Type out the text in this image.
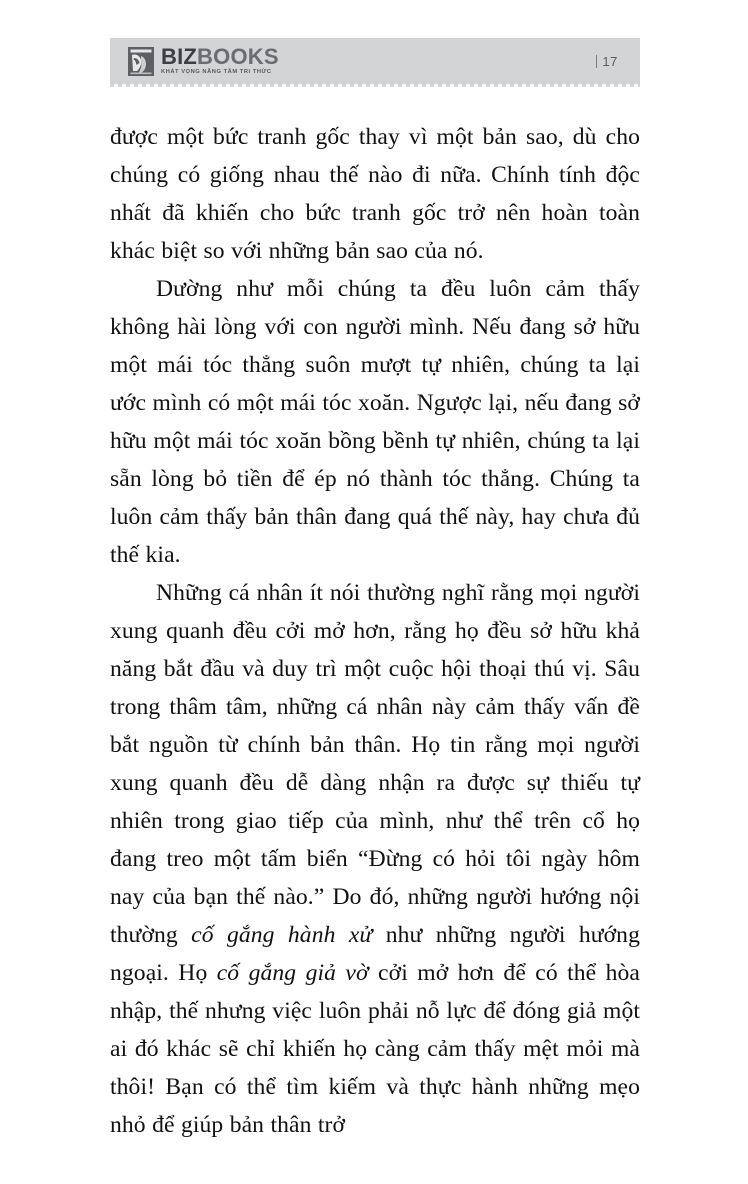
BIZBOOKS
KHÁT VỌNG NÂNG TẦM TRI THỨC
17

được một bức tranh gốc thay vì một bản sao, dù cho chúng có giống nhau thế nào đi nữa. Chính tính độc nhất đã khiến cho bức tranh gốc trở nên hoàn toàn khác biệt so với những bản sao của nó.

Dường như mỗi chúng ta đều luôn cảm thấy không hài lòng với con người mình. Nếu đang sở hữu một mái tóc thẳng suôn mượt tự nhiên, chúng ta lại ước mình có một mái tóc xoăn. Ngược lại, nếu đang sở hữu một mái tóc xoăn bồng bềnh tự nhiên, chúng ta lại sẵn lòng bỏ tiền để ép nó thành tóc thẳng. Chúng ta luôn cảm thấy bản thân đang quá thế này, hay chưa đủ thế kia.

Những cá nhân ít nói thường nghĩ rằng mọi người xung quanh đều cởi mở hơn, rằng họ đều sở hữu khả năng bắt đầu và duy trì một cuộc hội thoại thú vị. Sâu trong thâm tâm, những cá nhân này cảm thấy vấn đề bắt nguồn từ chính bản thân. Họ tin rằng mọi người xung quanh đều dễ dàng nhận ra được sự thiếu tự nhiên trong giao tiếp của mình, như thể trên cổ họ đang treo một tấm biển “Đừng có hỏi tôi ngày hôm nay của bạn thế nào.” Do đó, những người hướng nội thường cố gắng hành xử như những người hướng ngoại. Họ cố gắng giả vờ cởi mở hơn để có thể hòa nhập, thế nhưng việc luôn phải nỗ lực để đóng giả một ai đó khác sẽ chỉ khiến họ càng cảm thấy mệt mỏi mà thôi! Bạn có thể tìm kiếm và thực hành những mẹo nhỏ để giúp bản thân trở
